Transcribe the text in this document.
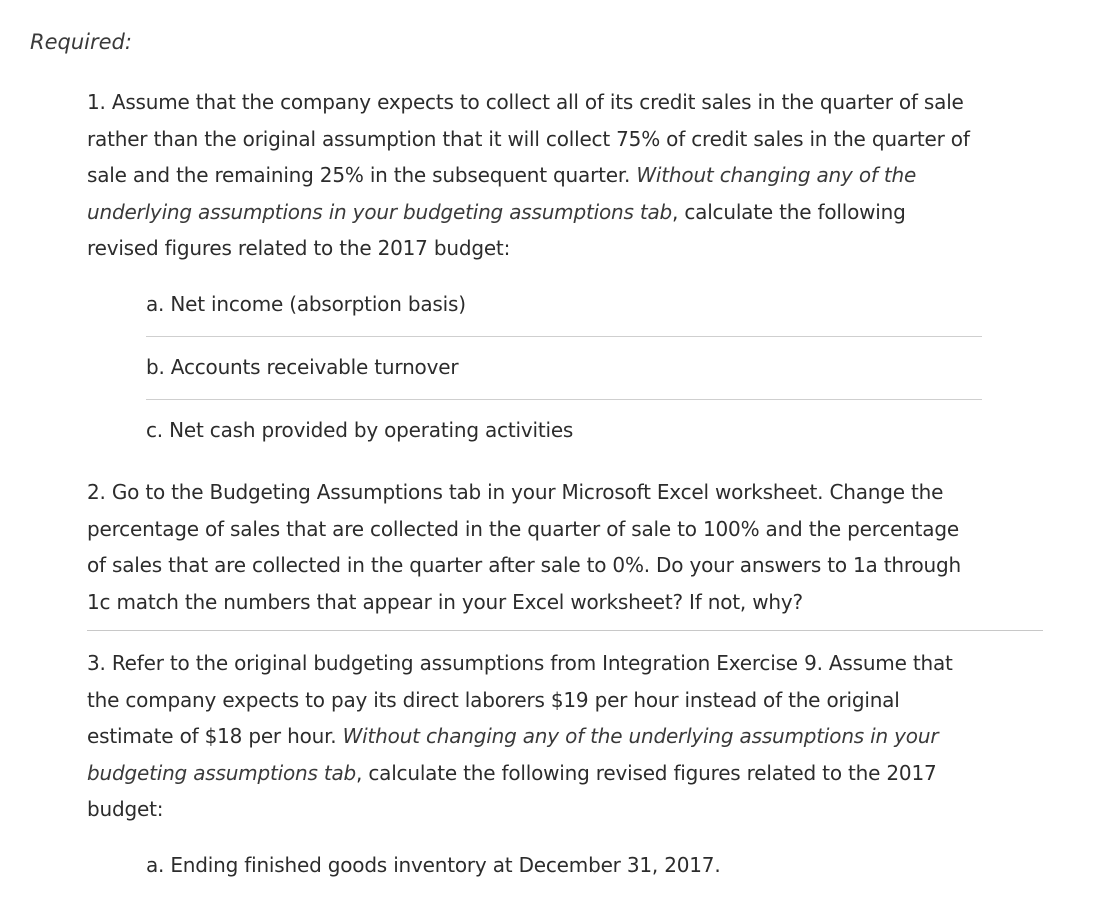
Required:
1. Assume that the company expects to collect all of its credit sales in the quarter of sale
rather than the original assumption that it will collect 75% of credit sales in the quarter of
sale and the remaining 25% in the subsequent quarter. Without changing any of the
underlying assumptions in your budgeting assumptions tab, calculate the following
revised figures related to the 2017 budget:

a. Net income (absorption basis)

b. Accounts receivable turnover

c. Net cash provided by operating activities

2. Go to the Budgeting Assumptions tab in your Microsoft Excel worksheet. Change the
percentage of sales that are collected in the quarter of sale to 100% and the percentage
of sales that are collected in the quarter after sale to 0%. Do your answers to 1a through
1c match the numbers that appear in your Excel worksheet? If not, why?
3. Refer to the original budgeting assumptions from Integration Exercise 9. Assume that
the company expects to pay its direct laborers $19 per hour instead of the original
estimate of $18 per hour. Without changing any of the underlying assumptions in your
budgeting assumptions tab, calculate the following revised figures related to the 2017
budget:

a. Ending finished goods inventory at December 31, 2017.
